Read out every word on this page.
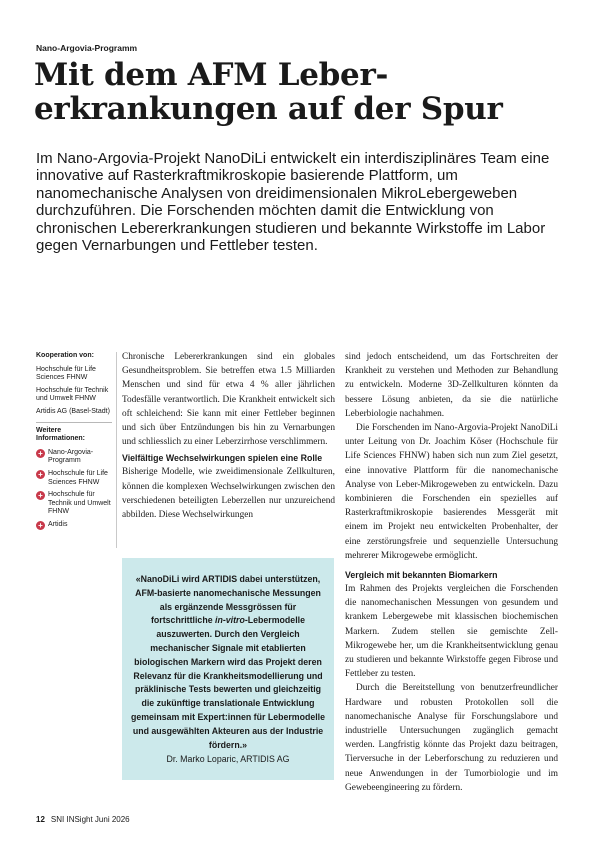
Nano-Argovia-Programm
Mit dem AFM Lebererkrankungen auf der Spur

Im Nano-Argovia-Projekt NanoDiLi entwickelt ein interdisziplinäres Team eine innovative auf Rasterkraftmikroskopie basierende Plattform, um nanomechanische Analysen von dreidimensionalen MikroLebergeweben durchzuführen. Die Forschenden möchten damit die Entwicklung von chronischen Lebererkrankungen studieren und bekannte Wirkstoffe im Labor gegen Vernarbungen und Fettleber testen.

Kooperation von:
Hochschule für Life Sciences FHNW
Hochschule für Technik und Umwelt FHNW
Artidis AG (Basel-Stadt)
Weitere Informationen:
+ Nano-Argovia-Programm
+ Hochschule für Life Sciences FHNW
+ Hochschule für Technik und Umwelt FHNW
+ Artidis

Chronische Lebererkrankungen sind ein globales Gesundheitsproblem. Sie betreffen etwa 1.5 Milliarden Menschen und sind für etwa 4 % aller jährlichen Todesfälle verantwortlich. Die Krankheit entwickelt sich oft schleichend: Sie kann mit einer Fettleber beginnen und sich über Entzündungen bis hin zu Vernarbungen und schliesslich zu einer Leberzirrhose verschlimmern.

Vielfältige Wechselwirkungen spielen eine Rolle

Bisherige Modelle, wie zweidimensionale Zellkulturen, können die komplexen Wechselwirkungen zwischen den verschiedenen beteiligten Leberzellen nur unzureichend abbilden. Diese Wechselwirkungen

sind jedoch entscheidend, um das Fortschreiten der Krankheit zu verstehen und Methoden zur Behandlung zu entwickeln. Moderne 3D-Zellkulturen könnten da bessere Lösung anbieten, da sie die natürliche Leberbiologie nachahmen.

Die Forschenden im Nano-Argovia-Projekt NanoDiLi unter Leitung von Dr. Joachim Köser (Hochschule für Life Sciences FHNW) haben sich nun zum Ziel gesetzt, eine innovative Plattform für die nanomechanische Analyse von Leber-Mikrogeweben zu entwickeln. Dazu kombinieren die Forschenden ein spezielles auf Rasterkraftmikroskopie basierendes Messgerät mit einem im Projekt neu entwickelten Probenhalter, der eine zerstörungsfreie und sequenzielle Untersuchung mehrerer Mikrogewebe ermöglicht.

Vergleich mit bekannten Biomarkern

Im Rahmen des Projekts vergleichen die Forschenden die nanomechanischen Messungen von gesundem und krankem Lebergewebe mit klassischen biochemischen Markern. Zudem stellen sie gemischte Zell-Mikrogewebe her, um die Krankheitsentwicklung genau zu studieren und bekannte Wirkstoffe gegen Fibrose und Fettleber zu testen.

Durch die Bereitstellung von benutzerfreundlicher Hardware und robusten Protokollen soll die nanomechanische Analyse für Forschungslabore und industrielle Untersuchungen zugänglich gemacht werden. Langfristig könnte das Projekt dazu beitragen, Tierversuche in der Leberforschung zu reduzieren und neue Anwendungen in der Tumorbiologie und im Gewebeengineering zu fördern.

«NanoDiLi wird ARTIDIS dabei unterstützen, AFM-basierte nanomechanische Messungen als ergänzende Messgrössen für fortschrittliche in-vitro-Lebermodelle auszuwerten. Durch den Vergleich mechanischer Signale mit etablierten biologischen Markern wird das Projekt deren Relevanz für die Krankheitsmodellierung und präklinische Tests bewerten und gleichzeitig die zukünftige translationale Entwicklung gemeinsam mit Expert:innen für Lebermodelle und ausgewählten Akteuren aus der Industrie fördern.»
Dr. Marko Loparic, ARTIDIS AG
12 SNI INSight Juni 2026
